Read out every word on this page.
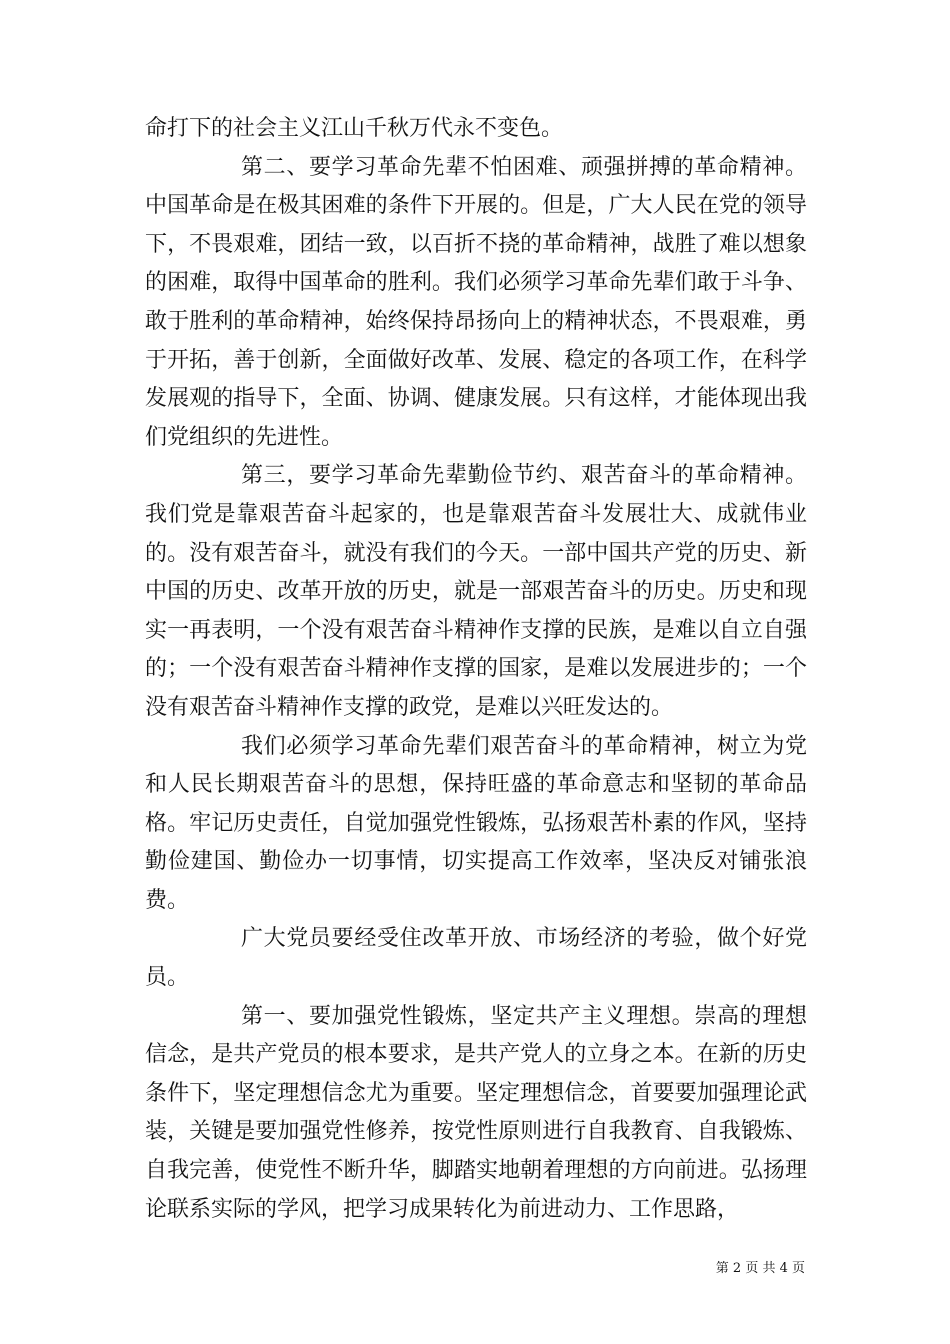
命打下的社会主义江山千秋万代永不变色。

第二、要学习革命先辈不怕困难、顽强拼搏的革命精神。中国革命是在极其困难的条件下开展的。但是，广大人民在党的领导下，不畏艰难，团结一致，以百折不挠的革命精神，战胜了难以想象的困难，取得中国革命的胜利。我们必须学习革命先辈们敢于斗争、敢于胜利的革命精神，始终保持昂扬向上的精神状态，不畏艰难，勇于开拓，善于创新，全面做好改革、发展、稳定的各项工作，在科学发展观的指导下，全面、协调、健康发展。只有这样，才能体现出我们党组织的先进性。

第三，要学习革命先辈勤俭节约、艰苦奋斗的革命精神。我们党是靠艰苦奋斗起家的，也是靠艰苦奋斗发展壮大、成就伟业的。没有艰苦奋斗，就没有我们的今天。一部中国共产党的历史、新中国的历史、改革开放的历史，就是一部艰苦奋斗的历史。历史和现实一再表明，一个没有艰苦奋斗精神作支撑的民族，是难以自立自强的；一个没有艰苦奋斗精神作支撑的国家，是难以发展进步的；一个没有艰苦奋斗精神作支撑的政党，是难以兴旺发达的。

我们必须学习革命先辈们艰苦奋斗的革命精神，树立为党和人民长期艰苦奋斗的思想，保持旺盛的革命意志和坚韧的革命品格。牢记历史责任，自觉加强党性锻炼，弘扬艰苦朴素的作风，坚持勤俭建国、勤俭办一切事情，切实提高工作效率，坚决反对铺张浪费。

广大党员要经受住改革开放、市场经济的考验，做个好党员。

第一、要加强党性锻炼，坚定共产主义理想。崇高的理想信念，是共产党员的根本要求，是共产党人的立身之本。在新的历史条件下，坚定理想信念尤为重要。坚定理想信念，首要要加强理论武装，关键是要加强党性修养，按党性原则进行自我教育、自我锻炼、自我完善，使党性不断升华，脚踏实地朝着理想的方向前进。弘扬理论联系实际的学风，把学习成果转化为前进动力、工作思路，

第 2 页 共 4 页
